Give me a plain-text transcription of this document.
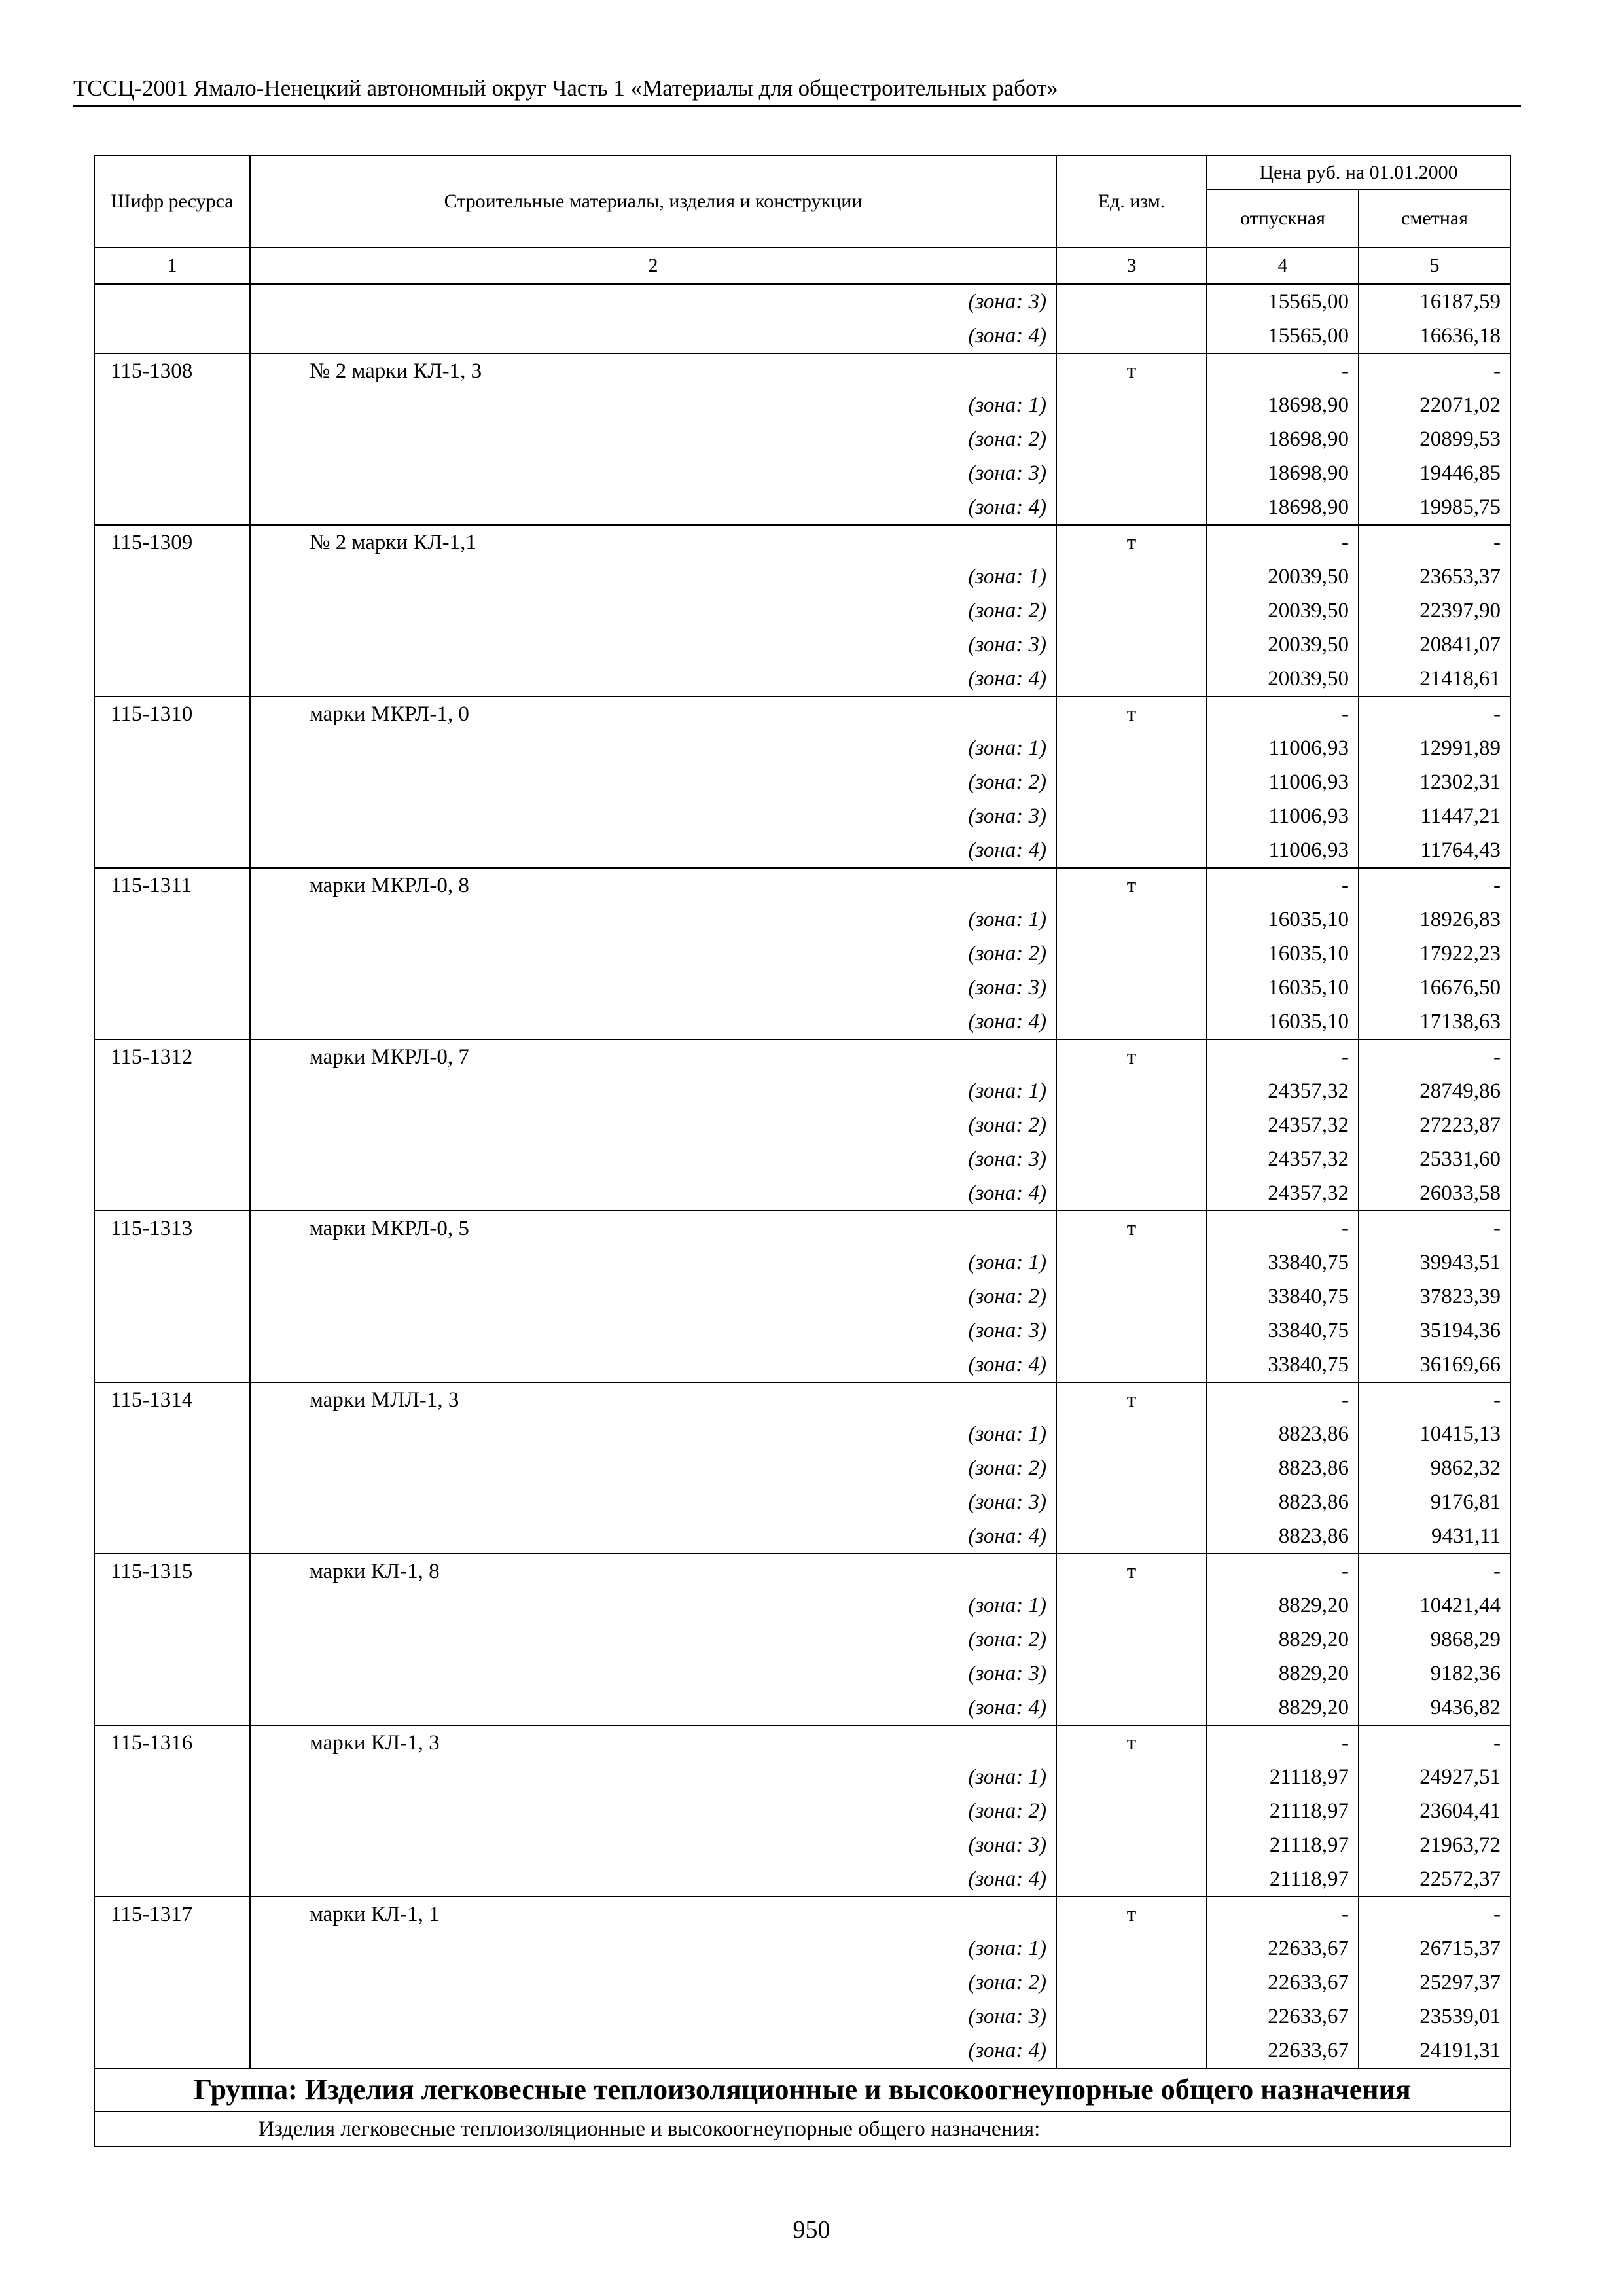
ТССЦ-2001 Ямало-Ненецкий автономный округ Часть 1 «Материалы для общестроительных работ»
Шифр ресурса	Строительные материалы, изделия и конструкции	Ед. изм.	Цена руб. на 01.01.2000	
			отпускная	сметная
1	2	3	4	5
	(зона: 3)		15565,00	16187,59
	(зона: 4)		15565,00	16636,18
115-1308	№ 2 марки КЛ-1, 3	т	-	-
	(зона: 1)		18698,90	22071,02
	(зона: 2)		18698,90	20899,53
	(зона: 3)		18698,90	19446,85
	(зона: 4)		18698,90	19985,75
115-1309	№ 2 марки КЛ-1,1	т	-	-
	(зона: 1)		20039,50	23653,37
	(зона: 2)		20039,50	22397,90
	(зона: 3)		20039,50	20841,07
	(зона: 4)		20039,50	21418,61
115-1310	марки МКРЛ-1, 0	т	-	-
	(зона: 1)		11006,93	12991,89
	(зона: 2)		11006,93	12302,31
	(зона: 3)		11006,93	11447,21
	(зона: 4)		11006,93	11764,43
115-1311	марки МКРЛ-0, 8	т	-	-
	(зона: 1)		16035,10	18926,83
	(зона: 2)		16035,10	17922,23
	(зона: 3)		16035,10	16676,50
	(зона: 4)		16035,10	17138,63
115-1312	марки МКРЛ-0, 7	т	-	-
	(зона: 1)		24357,32	28749,86
	(зона: 2)		24357,32	27223,87
	(зона: 3)		24357,32	25331,60
	(зона: 4)		24357,32	26033,58
115-1313	марки МКРЛ-0, 5	т	-	-
	(зона: 1)		33840,75	39943,51
	(зона: 2)		33840,75	37823,39
	(зона: 3)		33840,75	35194,36
	(зона: 4)		33840,75	36169,66
115-1314	марки МЛЛ-1, 3	т	-	-
	(зона: 1)		8823,86	10415,13
	(зона: 2)		8823,86	9862,32
	(зона: 3)		8823,86	9176,81
	(зона: 4)		8823,86	9431,11
115-1315	марки КЛ-1, 8	т	-	-
	(зона: 1)		8829,20	10421,44
	(зона: 2)		8829,20	9868,29
	(зона: 3)		8829,20	9182,36
	(зона: 4)		8829,20	9436,82
115-1316	марки КЛ-1, 3	т	-	-
	(зона: 1)		21118,97	24927,51
	(зона: 2)		21118,97	23604,41
	(зона: 3)		21118,97	21963,72
	(зона: 4)		21118,97	22572,37
115-1317	марки КЛ-1, 1	т	-	-
	(зона: 1)		22633,67	26715,37
	(зона: 2)		22633,67	25297,37
	(зона: 3)		22633,67	23539,01
	(зона: 4)		22633,67	24191,31
Группа: Изделия легковесные теплоизоляционные и высокоогнеупорные общего назначения				
Изделия легковесные теплоизоляционные и высокоогнеупорные общего назначения:				
950
